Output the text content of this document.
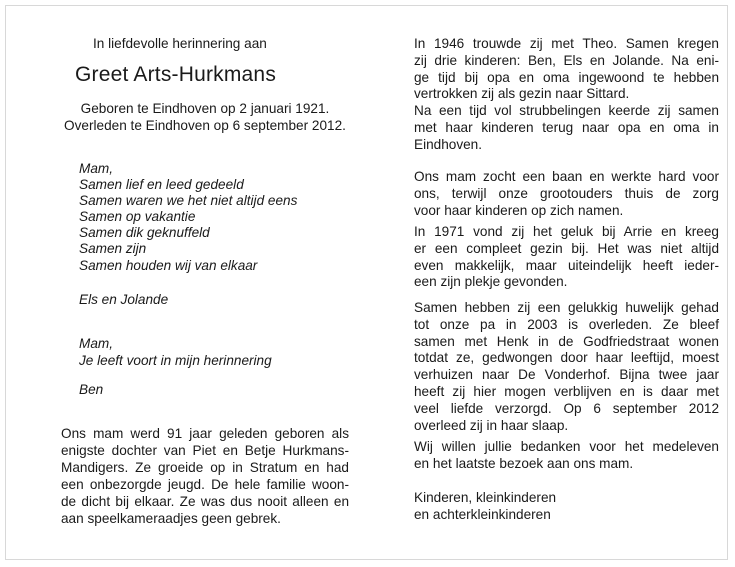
In liefdevolle herinnering aan
Greet Arts-Hurkmans
Geboren te Eindhoven op 2 januari 1921.
Overleden te Eindhoven op 6 september 2012.
Mam,
Samen lief en leed gedeeld
Samen waren we het niet altijd eens
Samen op vakantie
Samen dik geknuffeld
Samen zijn
Samen houden wij van elkaar
Els en Jolande
Mam,
Je leeft voort in mijn herinnering
Ben
Ons mam werd 91 jaar geleden geboren als
enigste dochter van Piet en Betje Hurkmans-
Mandigers. Ze groeide op in Stratum en had
een onbezorgde jeugd. De hele familie woon-
de dicht bij elkaar. Ze was dus nooit alleen en
aan speelkameraadjes geen gebrek.
In 1946 trouwde zij met Theo. Samen kregen
zij drie kinderen: Ben, Els en Jolande. Na eni-
ge tijd bij opa en oma ingewoond te hebben
vertrokken zij als gezin naar Sittard.
Na een tijd vol strubbelingen keerde zij samen
met haar kinderen terug naar opa en oma in
Eindhoven.
Ons mam zocht een baan en werkte hard voor
ons, terwijl onze grootouders thuis de zorg
voor haar kinderen op zich namen.
In 1971 vond zij het geluk bij Arrie en kreeg
er een compleet gezin bij. Het was niet altijd
even makkelijk, maar uiteindelijk heeft ieder-
een zijn plekje gevonden.
Samen hebben zij een gelukkig huwelijk gehad
tot onze pa in 2003 is overleden. Ze bleef
samen met Henk in de Godfriedstraat wonen
totdat ze, gedwongen door haar leeftijd, moest
verhuizen naar De Vonderhof. Bijna twee jaar
heeft zij hier mogen verblijven en is daar met
veel liefde verzorgd. Op 6 september 2012
overleed zij in haar slaap.
Wij willen jullie bedanken voor het medeleven
en het laatste bezoek aan ons mam.
Kinderen, kleinkinderen
en achterkleinkinderen
